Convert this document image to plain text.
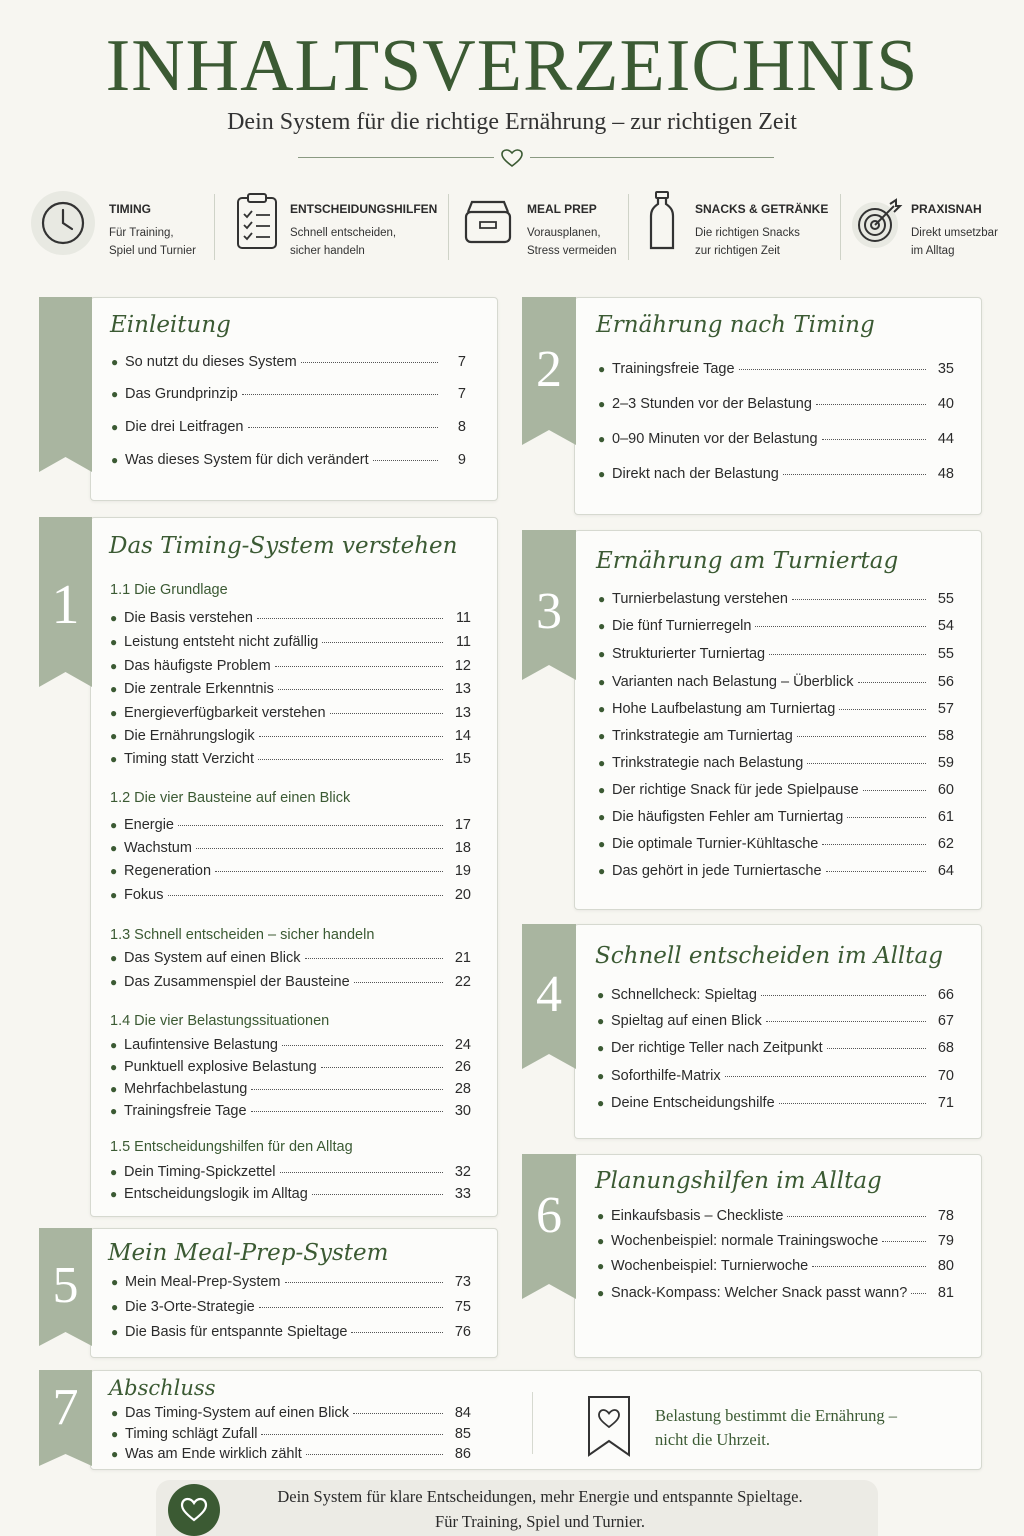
INHALTSVERZEICHNIS
Dein System für die richtige Ernährung – zur richtigen Zeit
TIMING
Für Training,
Spiel und Turnier
ENTSCHEIDUNGSHILFEN
Schnell entscheiden,
sicher handeln
MEAL PREP
Vorausplanen,
Stress vermeiden
SNACKS & GETRÄNKE
Die richtigen Snacks
zur richtigen Zeit
PRAXISNAH
Direkt umsetzbar
im Alltag
Einleitung
● So nutzt du dieses System	7
● Das Grundprinzip	7
● Die drei Leitfragen	8
● Was dieses System für dich verändert	9
1
Das Timing-System verstehen
1.1 Die Grundlage
● Die Basis verstehen	11
● Leistung entsteht nicht zufällig	11
● Das häufigste Problem	12
● Die zentrale Erkenntnis	13
● Energieverfügbarkeit verstehen	13
● Die Ernährungslogik	14
● Timing statt Verzicht	15
1.2 Die vier Bausteine auf einen Blick
● Energie	17
● Wachstum	18
● Regeneration	19
● Fokus	20
1.3 Schnell entscheiden – sicher handeln
● Das System auf einen Blick	21
● Das Zusammenspiel der Bausteine	22
1.4 Die vier Belastungssituationen
● Laufintensive Belastung	24
● Punktuell explosive Belastung	26
● Mehrfachbelastung	28
● Trainingsfreie Tage	30
1.5 Entscheidungshilfen für den Alltag
● Dein Timing-Spickzettel	32
● Entscheidungslogik im Alltag	33
5
Mein Meal-Prep-System
● Mein Meal-Prep-System	73
● Die 3-Orte-Strategie	75
● Die Basis für entspannte Spieltage	76
2
Ernährung nach Timing
● Trainingsfreie Tage	35
● 2–3 Stunden vor der Belastung	40
● 0–90 Minuten vor der Belastung	44
● Direkt nach der Belastung	48
3
Ernährung am Turniertag
● Turnierbelastung verstehen	55
● Die fünf Turnierregeln	54
● Strukturierter Turniertag	55
● Varianten nach Belastung – Überblick	56
● Hohe Laufbelastung am Turniertag	57
● Trinkstrategie am Turniertag	58
● Trinkstrategie nach Belastung	59
● Der richtige Snack für jede Spielpause	60
● Die häufigsten Fehler am Turniertag	61
● Die optimale Turnier-Kühltasche	62
● Das gehört in jede Turniertasche	64
4
Schnell entscheiden im Alltag
● Schnellcheck: Spieltag	66
● Spieltag auf einen Blick	67
● Der richtige Teller nach Zeitpunkt	68
● Soforthilfe-Matrix	70
● Deine Entscheidungshilfe	71
6
Planungshilfen im Alltag
● Einkaufsbasis – Checkliste	78
● Wochenbeispiel: normale Trainingswoche	79
● Wochenbeispiel: Turnierwoche	80
● Snack-Kompass: Welcher Snack passt wann?	81
7	Abschluss
● Das Timing-System auf einen Blick	84
● Timing schlägt Zufall	85
● Was am Ende wirklich zählt	86
Belastung bestimmt die Ernährung –
nicht die Uhrzeit.
Dein System für klare Entscheidungen, mehr Energie und entspannte Spieltage.
Für Training, Spiel und Turnier.
